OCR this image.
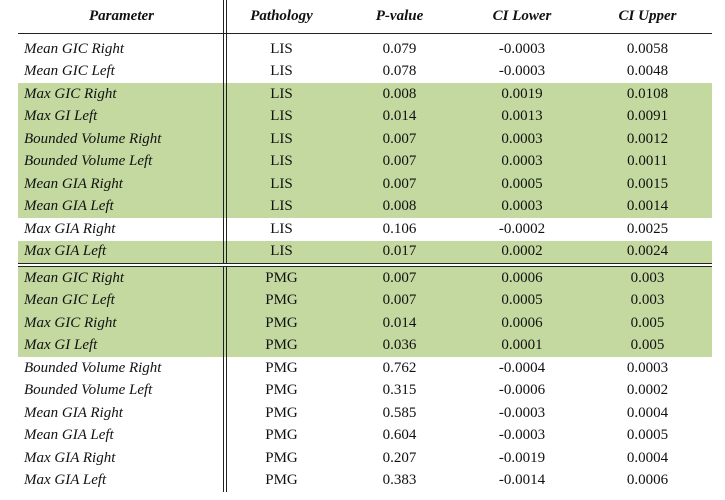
Parameter	Pathology	P-value	CI Lower	CI Upper
Mean GIC Right	LIS	0.079	-0.0003	0.0058
Mean GIC Left	LIS	0.078	-0.0003	0.0048
Max GIC Right	LIS	0.008	0.0019	0.0108
Max GI Left	LIS	0.014	0.0013	0.0091
Bounded Volume Right	LIS	0.007	0.0003	0.0012
Bounded Volume Left	LIS	0.007	0.0003	0.0011
Mean GIA Right	LIS	0.007	0.0005	0.0015
Mean GIA Left	LIS	0.008	0.0003	0.0014
Max GIA Right	LIS	0.106	-0.0002	0.0025
Max GIA Left	LIS	0.017	0.0002	0.0024
Mean GIC Right	PMG	0.007	0.0006	0.003
Mean GIC Left	PMG	0.007	0.0005	0.003
Max GIC Right	PMG	0.014	0.0006	0.005
Max GI Left	PMG	0.036	0.0001	0.005
Bounded Volume Right	PMG	0.762	-0.0004	0.0003
Bounded Volume Left	PMG	0.315	-0.0006	0.0002
Mean GIA Right	PMG	0.585	-0.0003	0.0004
Mean GIA Left	PMG	0.604	-0.0003	0.0005
Max GIA Right	PMG	0.207	-0.0019	0.0004
Max GIA Left	PMG	0.383	-0.0014	0.0006
